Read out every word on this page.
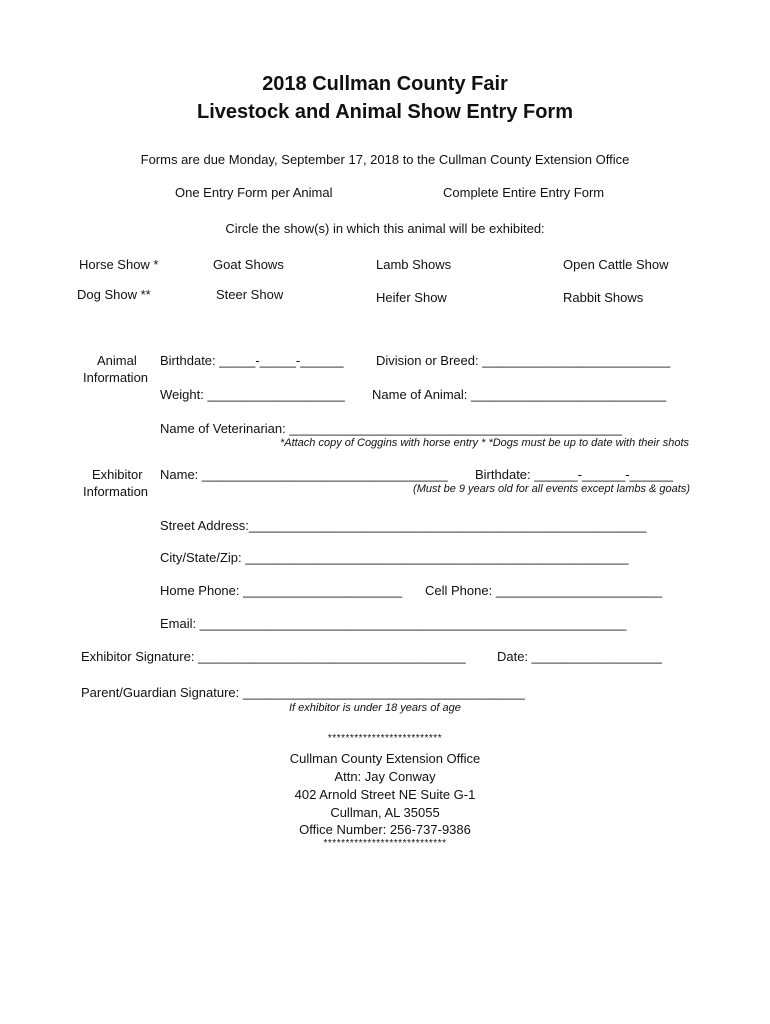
2018 Cullman County Fair
Livestock and Animal Show Entry Form
Forms are due Monday, September 17, 2018 to the Cullman County Extension Office
One Entry Form per Animal	Complete Entire Entry Form
Circle the show(s) in which this animal will be exhibited:
Horse Show *	Goat Shows	Lamb Shows	Open Cattle Show
Dog Show **	Steer Show	Heifer Show	Rabbit Shows
Animal
Information
Birthdate: _____-_____-______ Division or Breed: __________________________
Weight: ___________________ Name of Animal: ___________________________
Name of Veterinarian: ______________________________________________
*Attach copy of Coggins with horse entry * *Dogs must be up to date with their shots
Exhibitor
Information
Name: __________________________________ Birthdate: ______-______-______
(Must be 9 years old for all events except lambs & goats)
Street Address:_______________________________________________________
City/State/Zip: _____________________________________________________
Home Phone: ______________________ Cell Phone: _______________________
Email: ___________________________________________________________
Exhibitor Signature: _____________________________________ Date: __________________
Parent/Guardian Signature: _______________________________________
If exhibitor is under 18 years of age
**************************
Cullman County Extension Office
Attn: Jay Conway
402 Arnold Street NE Suite G-1
Cullman, AL 35055
Office Number: 256-737-9386
****************************
